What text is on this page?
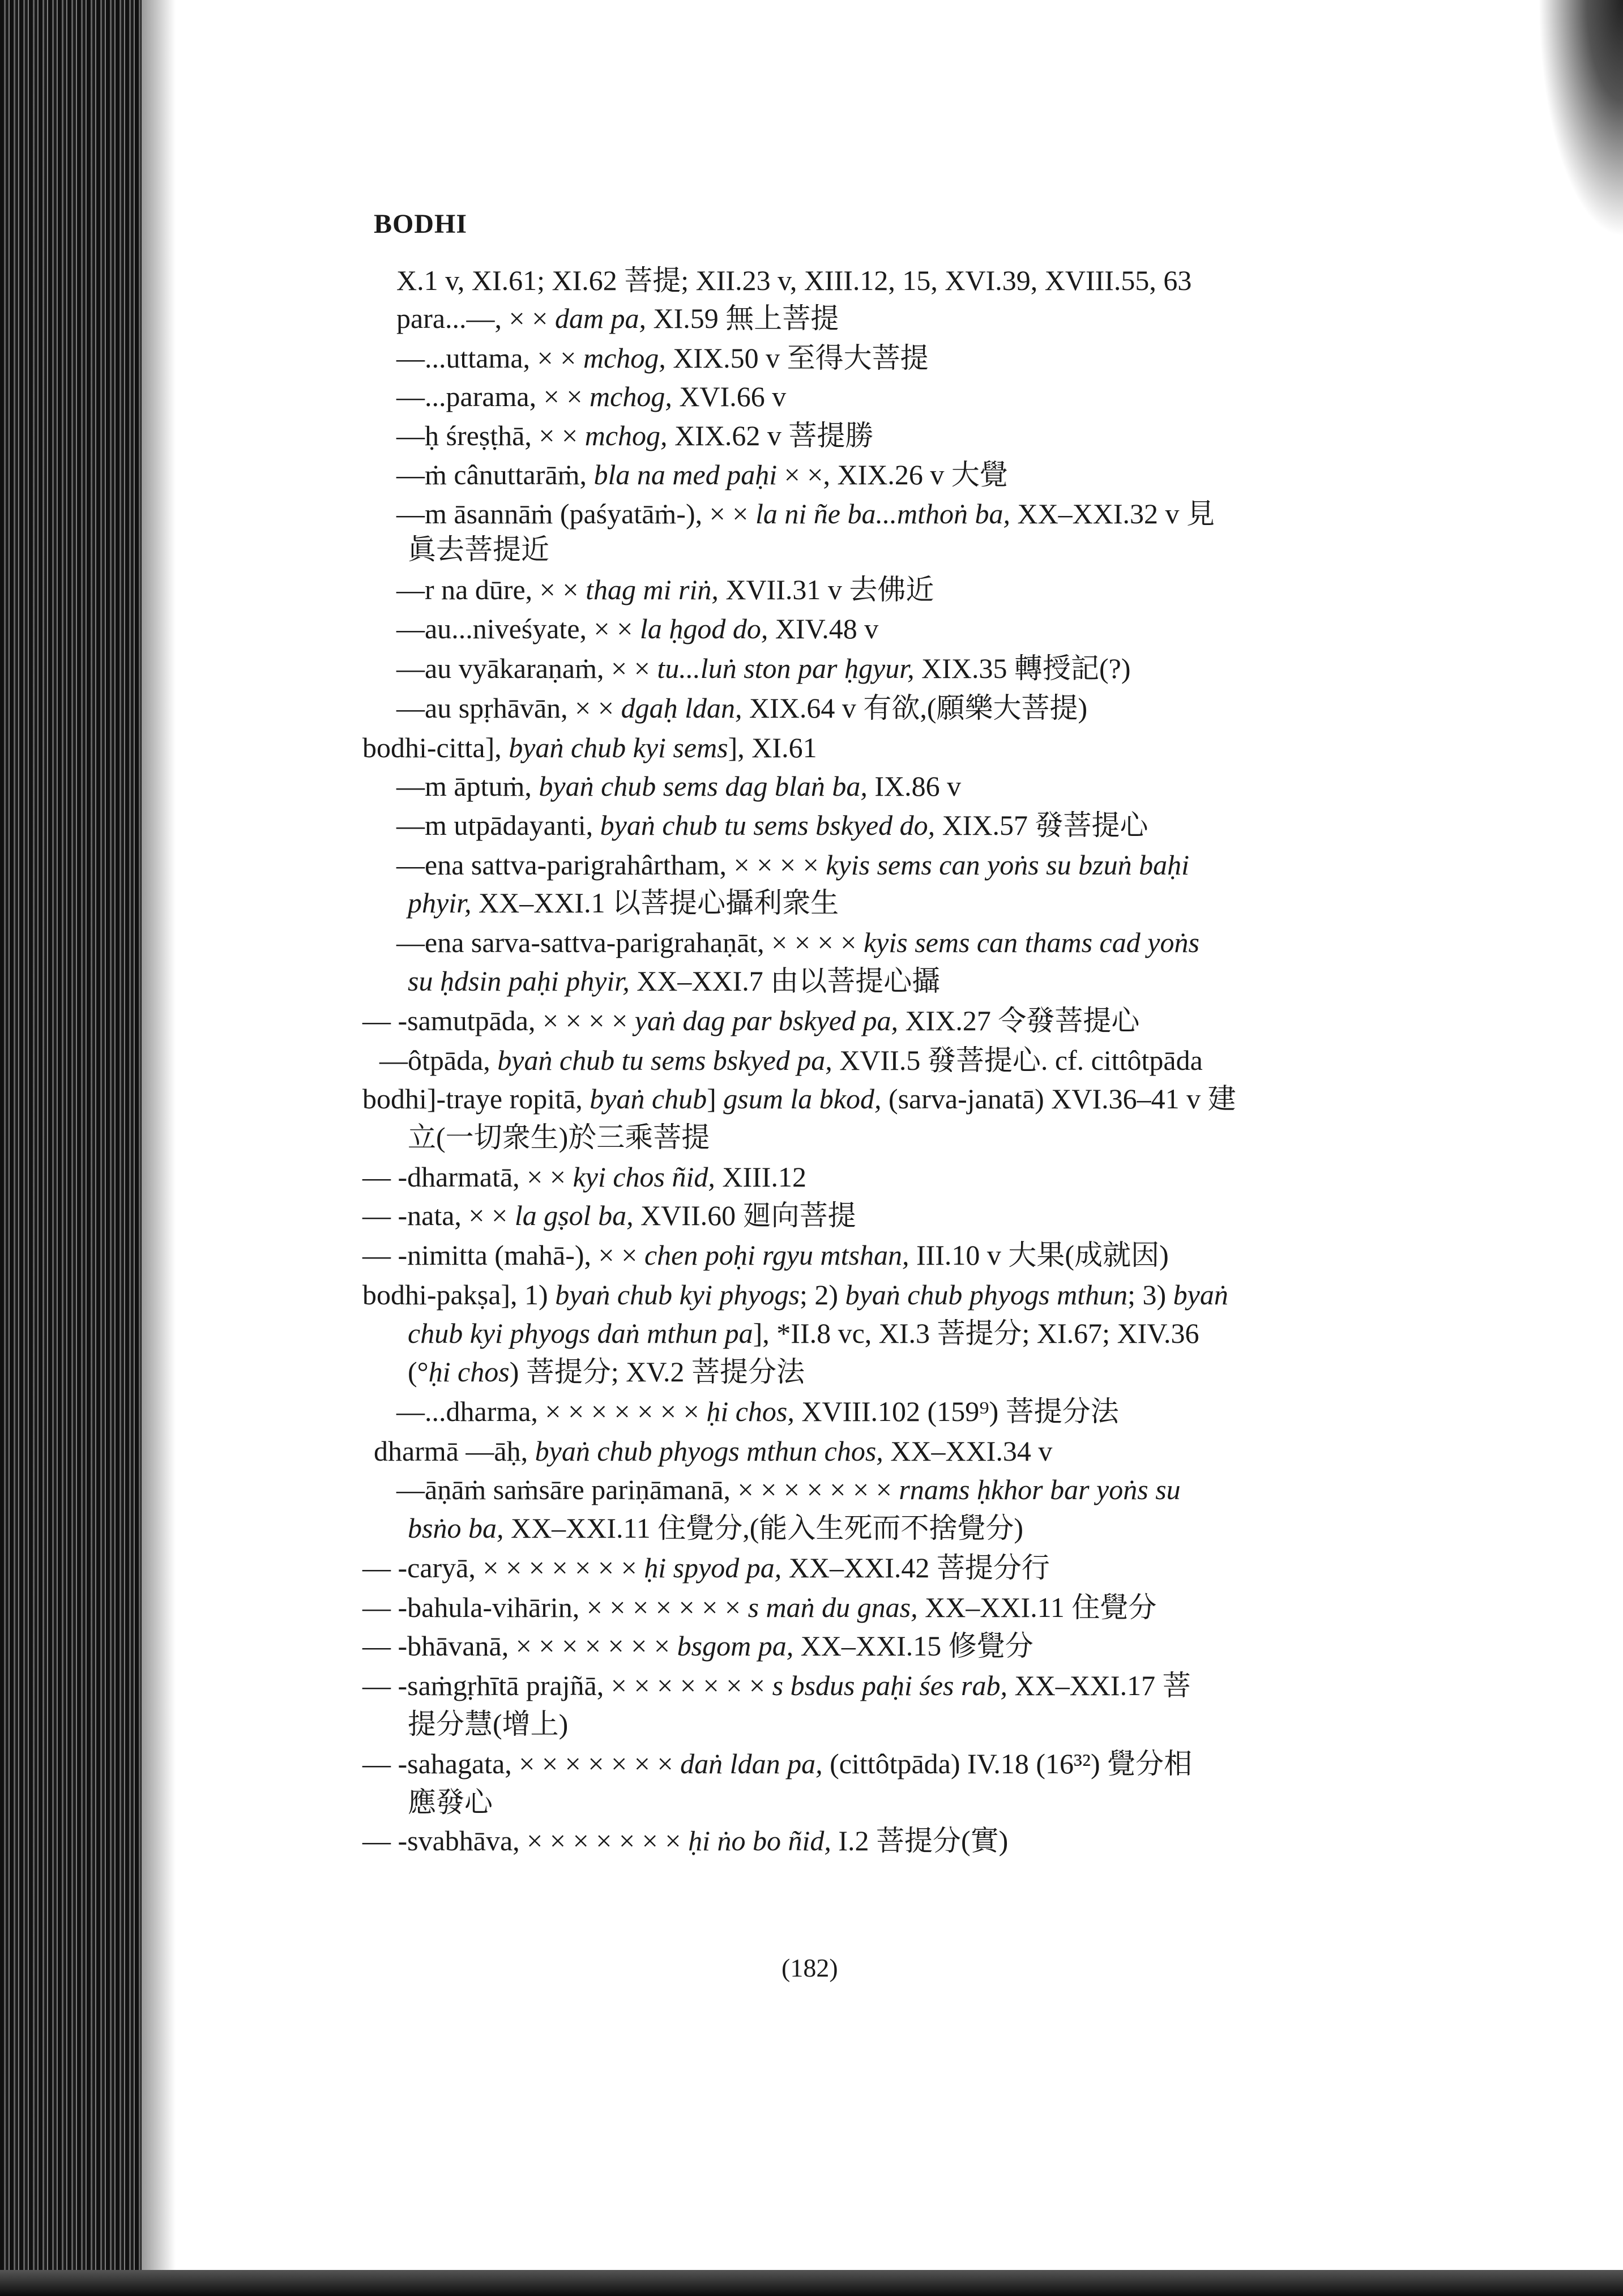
BODHI
X.1 v, XI.61; XI.62 菩提; XII.23 v, XIII.12, 15, XVI.39, XVIII.55, 63
para...—, × × dam pa, XI.59 無上菩提
—...uttama, × × mchog, XIX.50 v 至得大菩提
—...parama, × × mchog, XVI.66 v
—ḥ śreṣṭhā, × × mchog, XIX.62 v 菩提勝
—ṁ cânuttarāṁ, bla na med paḥi × ×, XIX.26 v 大覺
—m āsannāṁ (paśyatāṁ-), × × la ni ñe ba...mthoṅ ba, XX–XXI.32 v 見
眞去菩提近
—r na dūre, × × thag mi riṅ, XVII.31 v 去佛近
—au...niveśyate, × × la ḥgod do, XIV.48 v
—au vyākaraṇaṁ, × × tu...luṅ ston par ḥgyur, XIX.35 轉授記(?)
—au spṛhāvān, × × dgaḥ ldan, XIX.64 v 有欲,(願樂大菩提)
bodhi-citta], byaṅ chub kyi sems], XI.61
—m āptuṁ, byaṅ chub sems dag blaṅ ba, IX.86 v
—m utpādayanti, byaṅ chub tu sems bskyed do, XIX.57 發菩提心
—ena sattva-parigrahârtham, × × × × kyis sems can yoṅs su bzuṅ baḥi
phyir, XX–XXI.1 以菩提心攝利衆生
—ena sarva-sattva-parigrahaṇāt, × × × × kyis sems can thams cad yoṅs
su ḥdsin paḥi phyir, XX–XXI.7 由以菩提心攝
— -samutpāda, × × × × yaṅ dag par bskyed pa, XIX.27 令發菩提心
—ôtpāda, byaṅ chub tu sems bskyed pa, XVII.5 發菩提心. cf. cittôtpāda
bodhi]-traye ropitā, byaṅ chub] gsum la bkod, (sarva-janatā) XVI.36–41 v 建
立(一切衆生)於三乘菩提
— -dharmatā, × × kyi chos ñid, XIII.12
— -nata, × × la gṣol ba, XVII.60 廻向菩提
— -nimitta (mahā-), × × chen poḥi rgyu mtshan, III.10 v 大果(成就因)
bodhi-pakṣa], 1) byaṅ chub kyi phyogs; 2) byaṅ chub phyogs mthun; 3) byaṅ
chub kyi phyogs daṅ mthun pa], *II.8 vc, XI.3 菩提分; XI.67; XIV.36
(°ḥi chos) 菩提分; XV.2 菩提分法
—...dharma, × × × × × × × ḥi chos, XVIII.102 (159⁹) 菩提分法
dharmā —āḥ, byaṅ chub phyogs mthun chos, XX–XXI.34 v
—āṇāṁ saṁsāre pariṇāmanā, × × × × × × × rnams ḥkhor bar yoṅs su
bsṅo ba, XX–XXI.11 住覺分,(能入生死而不捨覺分)
— -caryā, × × × × × × × ḥi spyod pa, XX–XXI.42 菩提分行
— -bahula-vihārin, × × × × × × × s maṅ du gnas, XX–XXI.11 住覺分
— -bhāvanā, × × × × × × × bsgom pa, XX–XXI.15 修覺分
— -saṁgṛhītā prajñā, × × × × × × × s bsdus paḥi śes rab, XX–XXI.17 菩
提分慧(增上)
— -sahagata, × × × × × × × daṅ ldan pa, (cittôtpāda) IV.18 (16³²) 覺分相
應發心
— -svabhāva, × × × × × × × ḥi ṅo bo ñid, I.2 菩提分(實)
(182)
